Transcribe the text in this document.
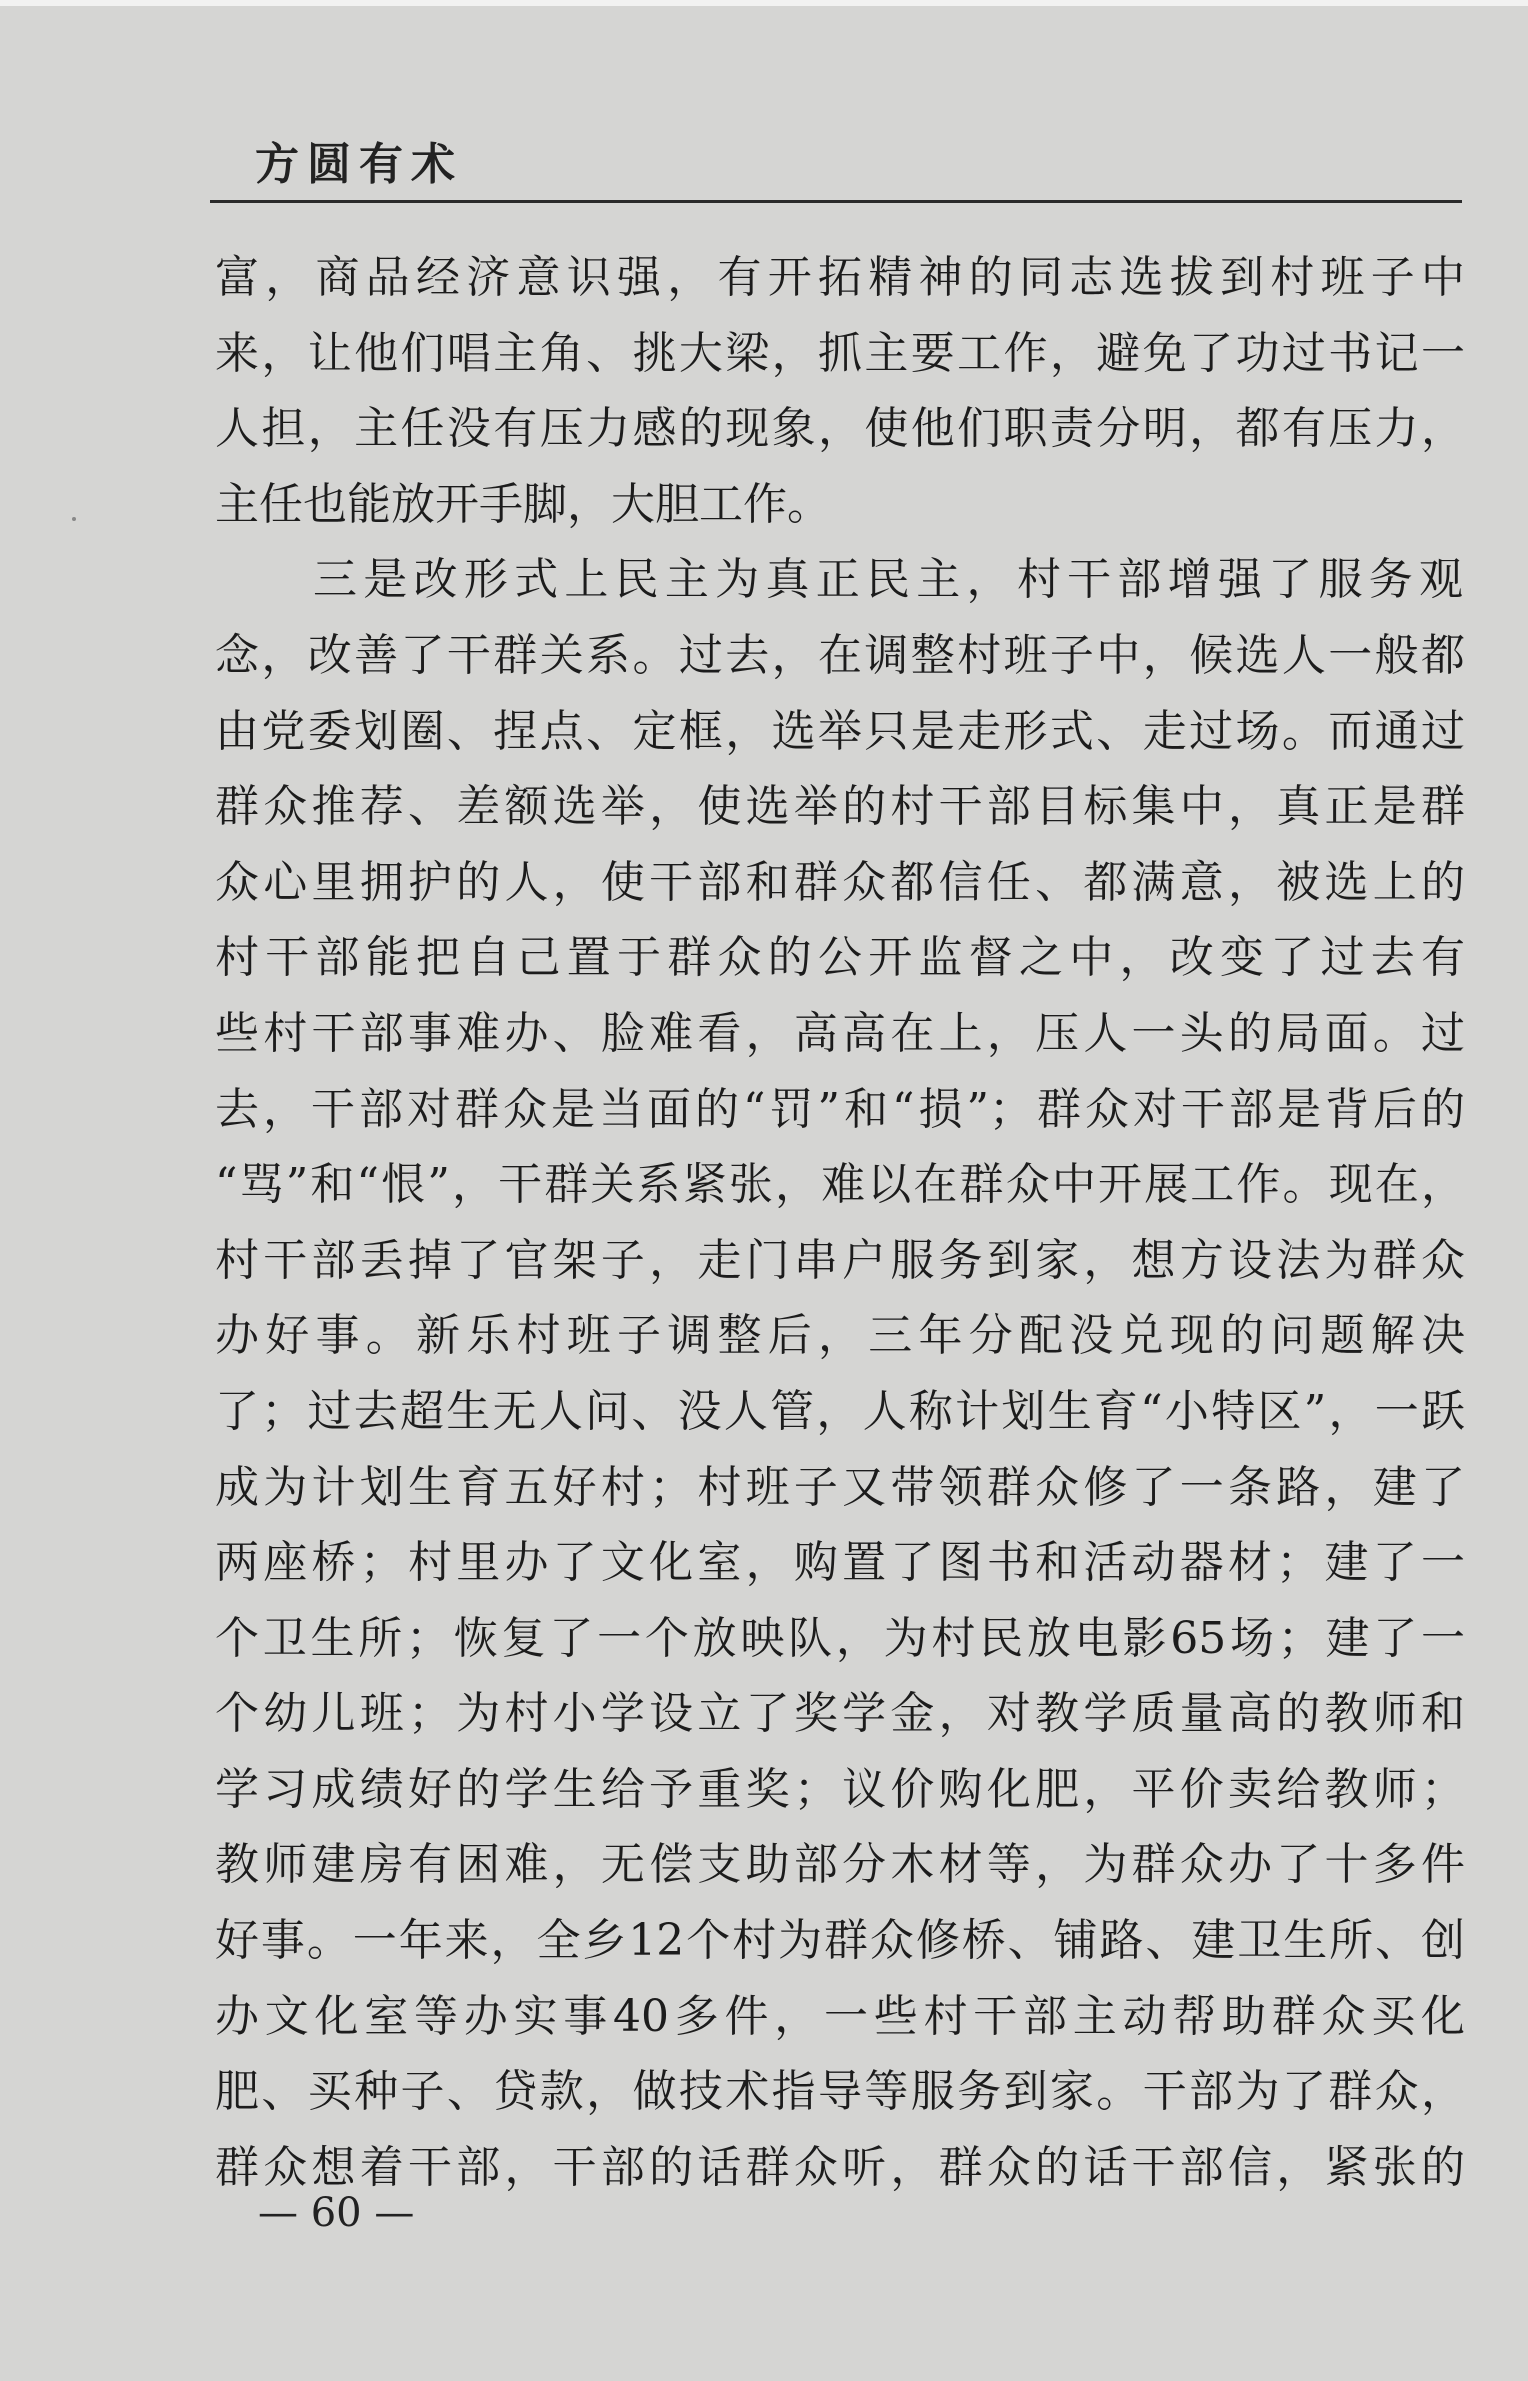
方圆有术
富，商品经济意识强，有开拓精神的同志选拔到村班子中
来，让他们唱主角、挑大梁，抓主要工作，避免了功过书记一
人担，主任没有压力感的现象，使他们职责分明，都有压力，
主任也能放开手脚，大胆工作。
三是改形式上民主为真正民主，村干部增强了服务观
念，改善了干群关系。过去，在调整村班子中，候选人一般都
由党委划圈、捏点、定框，选举只是走形式、走过场。而通过
群众推荐、差额选举，使选举的村干部目标集中，真正是群
众心里拥护的人，使干部和群众都信任、都满意，被选上的
村干部能把自己置于群众的公开监督之中，改变了过去有
些村干部事难办、脸难看，高高在上，压人一头的局面。过
去，干部对群众是当面的“罚”和“损”；群众对干部是背后的
“骂”和“恨”，干群关系紧张，难以在群众中开展工作。现在，
村干部丢掉了官架子，走门串户服务到家，想方设法为群众
办好事。新乐村班子调整后，三年分配没兑现的问题解决
了；过去超生无人问、没人管，人称计划生育“小特区”，一跃
成为计划生育五好村；村班子又带领群众修了一条路，建了
两座桥；村里办了文化室，购置了图书和活动器材；建了一
个卫生所；恢复了一个放映队，为村民放电影65场；建了一
个幼儿班；为村小学设立了奖学金，对教学质量高的教师和
学习成绩好的学生给予重奖；议价购化肥，平价卖给教师；
教师建房有困难，无偿支助部分木材等，为群众办了十多件
好事。一年来，全乡12个村为群众修桥、铺路、建卫生所、创
办文化室等办实事40多件，一些村干部主动帮助群众买化
肥、买种子、贷款，做技术指导等服务到家。干部为了群众，
群众想着干部，干部的话群众听，群众的话干部信，紧张的
— 60 —
